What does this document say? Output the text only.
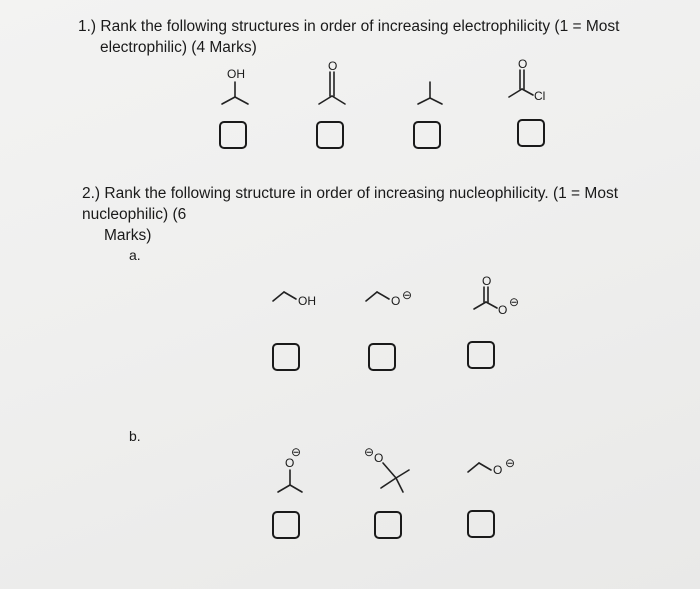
1.) Rank the following structures in order of increasing electrophilicity (1 = Most
electrophilic) (4 Marks)
2.) Rank the following structure in order of increasing nucleophilicity. (1 = Most nucleophilic) (6
Marks)
a.
b.
OH
O	O
Cl
OH	O ⊖
O
O
⊖
O
⊖	O
⊖
O ⊖
